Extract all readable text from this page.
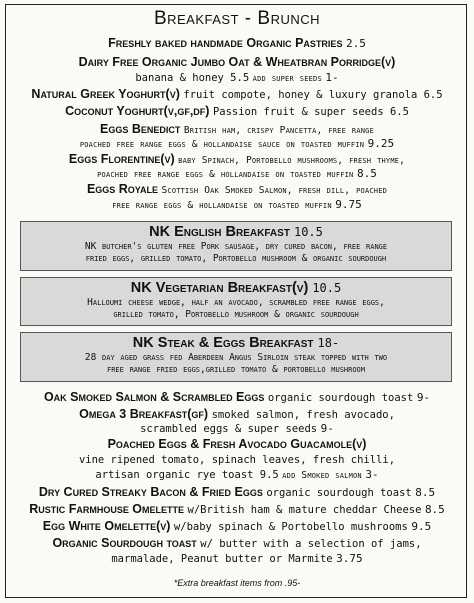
Breakfast - Brunch
Freshly baked handmade Organic Pastries 2.5
Dairy Free Organic Jumbo Oat & Wheatbran Porridge(v)
banana & honey 5.5 add super seeds 1-
Natural Greek Yoghurt(v) fruit compote, honey & luxury granola 6.5
Coconut Yoghurt(v,gf,df) Passion fruit & super seeds 6.5
Eggs Benedict British ham, crispy Pancetta, free range
poached free range eggs & hollandaise sauce on toasted muffin 9.25
Eggs Florentine(v) baby Spinach, Portobello mushrooms, fresh thyme,
poached free range eggs & hollandaise on toasted muffin 8.5
Eggs Royale Scottish Oak Smoked Salmon, fresh dill, poached
free range eggs & hollandaise on toasted muffin 9.75
NK English Breakfast 10.5
NK butcher's gluten free Pork sausage, dry cured bacon, free range
fried eggs, grilled tomato, Portobello mushroom & organic sourdough
NK Vegetarian Breakfast(v) 10.5
Halloumi cheese wedge, half an avocado, scrambled free range eggs,
grilled tomato, Portobello mushroom & organic sourdough
NK Steak & Eggs Breakfast 18-
28 day aged grass fed Aberdeen Angus Sirloin steak topped with two
free range fried eggs,grilled tomato & portobello mushroom
Oak Smoked Salmon & Scrambled Eggs organic sourdough toast 9-
Omega 3 Breakfast(gf) smoked salmon, fresh avocado,
scrambled eggs & super seeds 9-
Poached Eggs & Fresh Avocado Guacamole(v)
vine ripened tomato, spinach leaves, fresh chilli,
artisan organic rye toast 9.5 add Smoked salmon 3-
Dry Cured Streaky Bacon & Fried Eggs organic sourdough toast 8.5
Rustic Farmhouse Omelette w/British ham & mature cheddar Cheese 8.5
Egg White Omelette(v) w/baby spinach & Portobello mushrooms 9.5
Organic Sourdough toast w/ butter with a selection of jams,
marmalade, Peanut butter or Marmite 3.75
*Extra breakfast items from .95-
